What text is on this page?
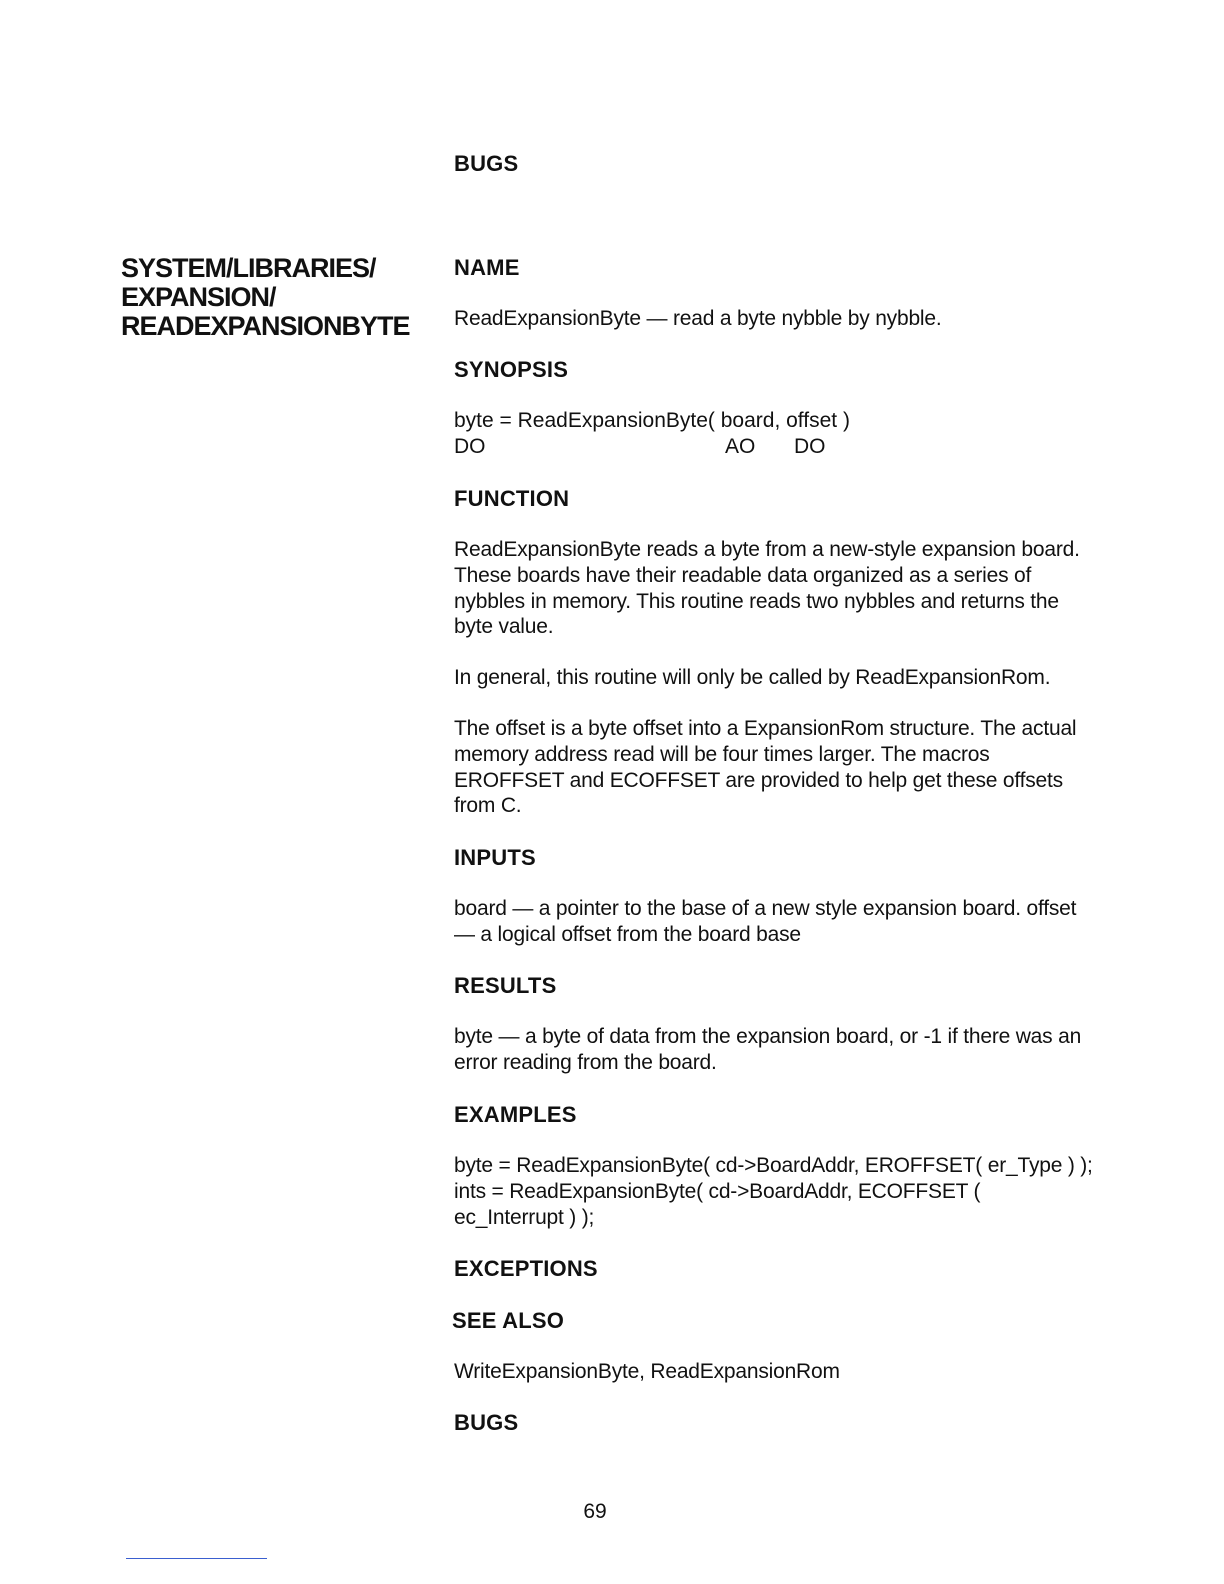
BUGS
SYSTEM/LIBRARIES/
EXPANSION/
READEXPANSIONBYTE
NAME
ReadExpansionByte — read a byte nybble by nybble.
SYNOPSIS
byte = ReadExpansionByte( board, offset )
DO	AO DO
FUNCTION
ReadExpansionByte reads a byte from a new-style expansion board. These boards have their readable data organized as a series of nybbles in memory. This routine reads two nybbles and returns the byte value.
In general, this routine will only be called by ReadExpansionRom.
The offset is a byte offset into a ExpansionRom structure. The actual memory address read will be four times larger. The macros EROFFSET and ECOFFSET are provided to help get these offsets from C.
INPUTS
board — a pointer to the base of a new style expansion board. offset — a logical offset from the board base
RESULTS
byte — a byte of data from the expansion board, or -1 if there was an error reading from the board.
EXAMPLES
byte = ReadExpansionByte( cd->BoardAddr, EROFFSET( er_Type ) ); ints = ReadExpansionByte( cd->BoardAddr, ECOFFSET ( ec_Interrupt ) );
EXCEPTIONS
SEE ALSO
WriteExpansionByte, ReadExpansionRom
BUGS
69
